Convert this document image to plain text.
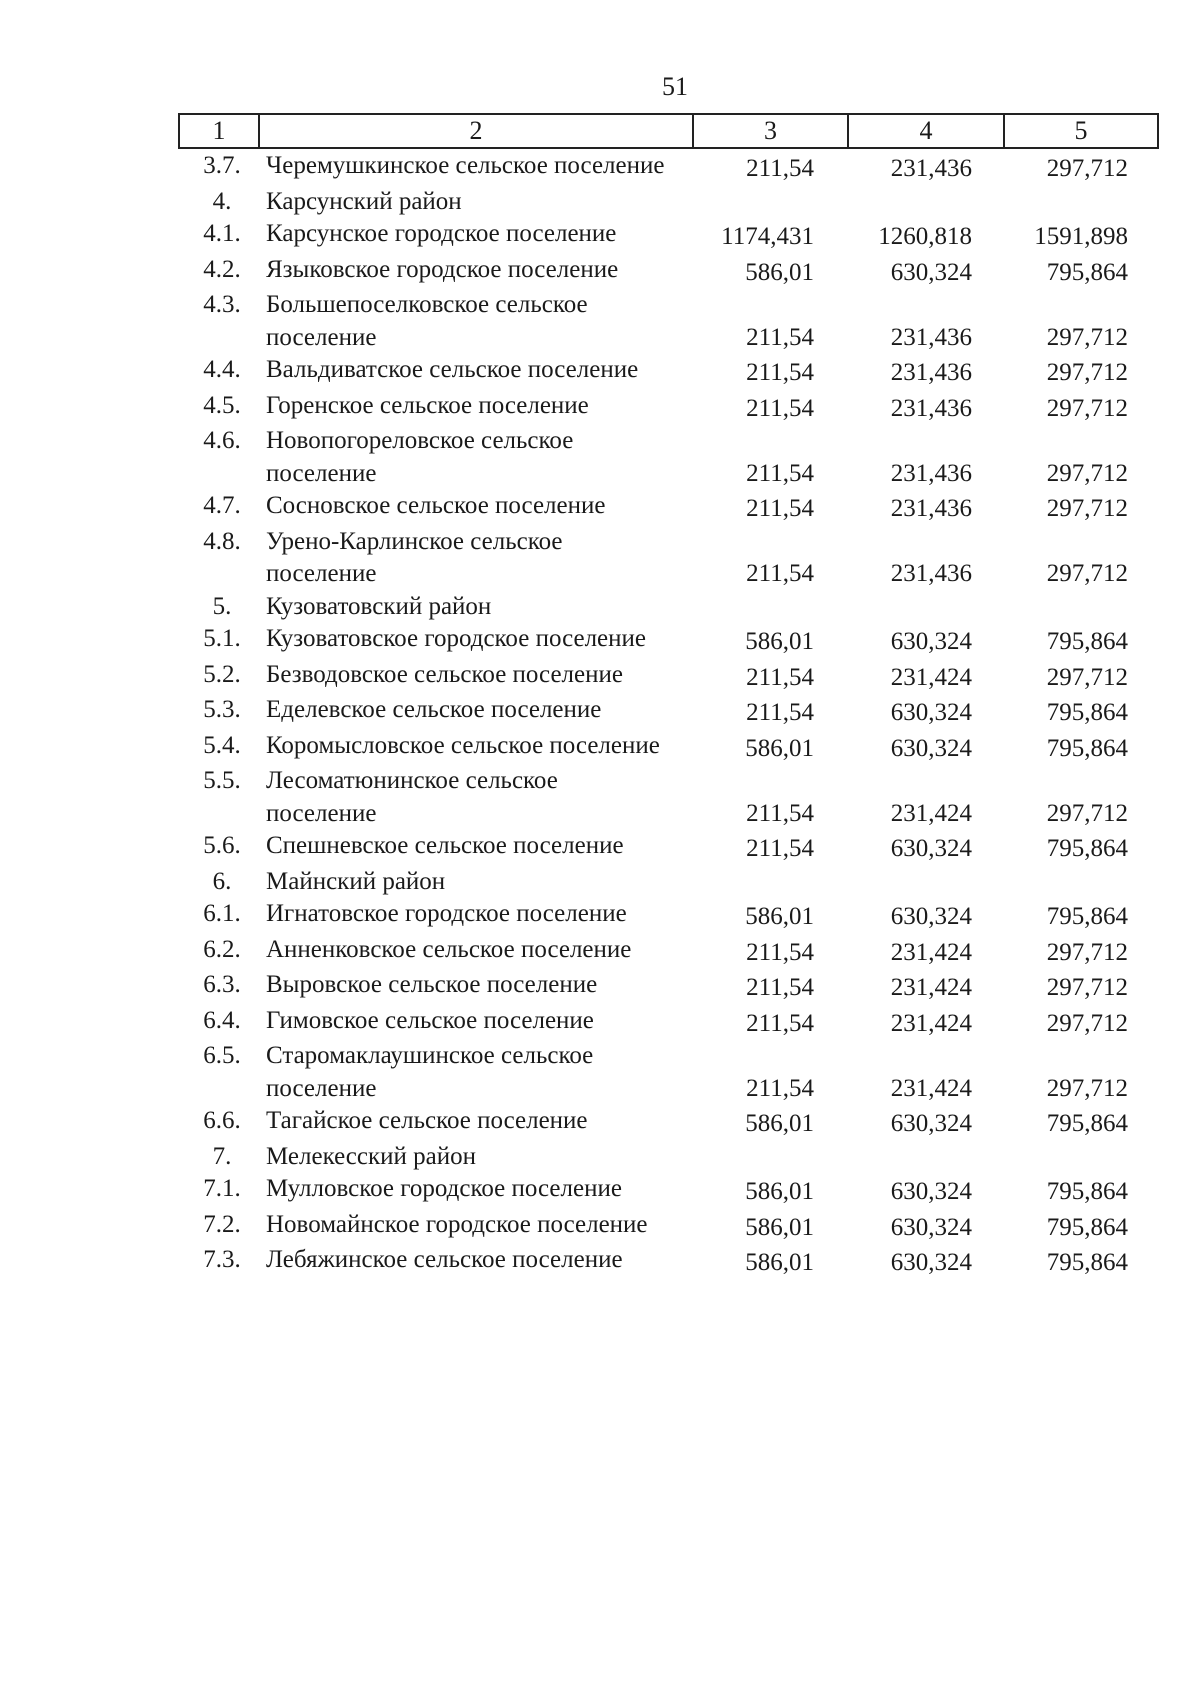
51
1	2	3	4	5
3.7.	Черемушкинское сельское поселение	211,54	231,436	297,712
4.	Карсунский район
4.1.	Карсунское городское поселение	1174,431	1260,818	1591,898
4.2.	Языковское городское поселение	586,01	630,324	795,864
4.3.	Большепоселковское сельское поселение	211,54	231,436	297,712
4.4.	Вальдиватское сельское поселение	211,54	231,436	297,712
4.5.	Горенское сельское поселение	211,54	231,436	297,712
4.6.	Новопогореловское сельское поселение	211,54	231,436	297,712
4.7.	Сосновское сельское поселение	211,54	231,436	297,712
4.8.	Урено-Карлинское сельское поселение	211,54	231,436	297,712
5.	Кузоватовский район
5.1.	Кузоватовское городское поселение	586,01	630,324	795,864
5.2.	Безводовское сельское поселение	211,54	231,424	297,712
5.3.	Еделевское сельское поселение	211,54	630,324	795,864
5.4.	Коромысловское сельское поселение	586,01	630,324	795,864
5.5.	Лесоматюнинское сельское поселение	211,54	231,424	297,712
5.6.	Спешневское сельское поселение	211,54	630,324	795,864
6.	Майнский район
6.1.	Игнатовское городское поселение	586,01	630,324	795,864
6.2.	Анненковское сельское поселение	211,54	231,424	297,712
6.3.	Выровское сельское поселение	211,54	231,424	297,712
6.4.	Гимовское сельское поселение	211,54	231,424	297,712
6.5.	Старомаклаушинское сельское поселение	211,54	231,424	297,712
6.6.	Тагайское сельское поселение	586,01	630,324	795,864
7.	Мелекесский район
7.1.	Мулловское городское поселение	586,01	630,324	795,864
7.2.	Новомайнское городское поселение	586,01	630,324	795,864
7.3.	Лебяжинское сельское поселение	586,01	630,324	795,864
